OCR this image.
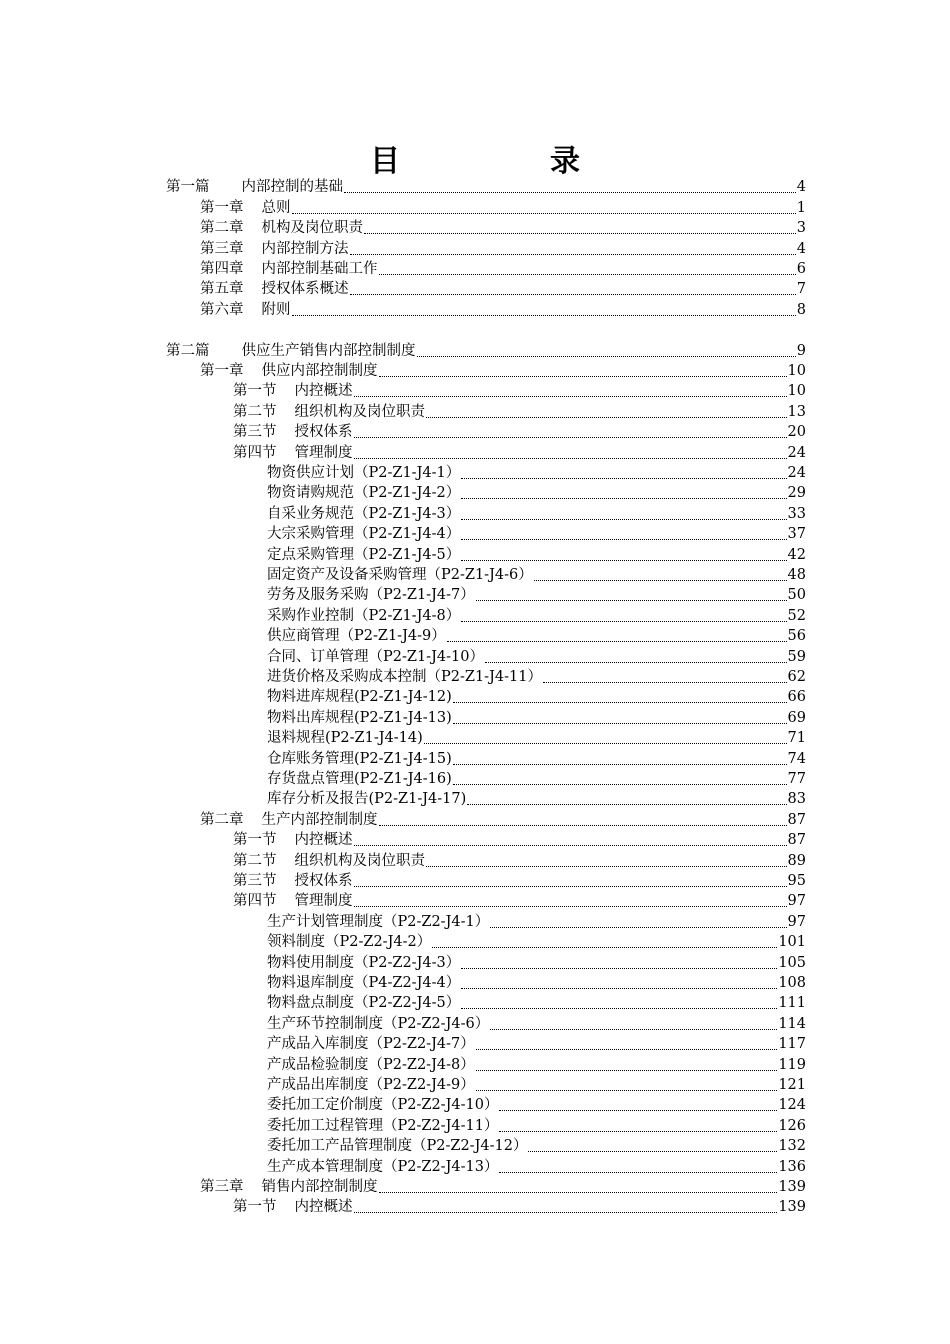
目　录
第一篇 内部控制的基础	4
第一章 总则	1
第二章 机构及岗位职责	3
第三章 内部控制方法	4
第四章 内部控制基础工作	6
第五章 授权体系概述	7
第六章 附则	8
第二篇 供应生产销售内部控制制度	9
第一章 供应内部控制制度	10
第一节 内控概述	10
第二节 组织机构及岗位职责	13
第三节 授权体系	20
第四节 管理制度	24
物资供应计划（P2-Z1-J4-1）	24
物资请购规范（P2-Z1-J4-2）	29
自采业务规范（P2-Z1-J4-3）	33
大宗采购管理（P2-Z1-J4-4）	37
定点采购管理（P2-Z1-J4-5）	42
固定资产及设备采购管理（P2-Z1-J4-6）	48
劳务及服务采购（P2-Z1-J4-7）	50
采购作业控制（P2-Z1-J4-8）	52
供应商管理（P2-Z1-J4-9）	56
合同、订单管理（P2-Z1-J4-10）	59
进货价格及采购成本控制（P2-Z1-J4-11）	62
物料进库规程(P2-Z1-J4-12)	66
物料出库规程(P2-Z1-J4-13)	69
退料规程(P2-Z1-J4-14)	71
仓库账务管理(P2-Z1-J4-15)	74
存货盘点管理(P2-Z1-J4-16)	77
库存分析及报告(P2-Z1-J4-17)	83
第二章 生产内部控制制度	87
第一节 内控概述	87
第二节 组织机构及岗位职责	89
第三节 授权体系	95
第四节 管理制度	97
生产计划管理制度（P2-Z2-J4-1）	97
领料制度（P2-Z2-J4-2）	101
物料使用制度（P2-Z2-J4-3）	105
物料退库制度（P4-Z2-J4-4）	108
物料盘点制度（P2-Z2-J4-5）	111
生产环节控制制度（P2-Z2-J4-6）	114
产成品入库制度（P2-Z2-J4-7）	117
产成品检验制度（P2-Z2-J4-8）	119
产成品出库制度（P2-Z2-J4-9）	121
委托加工定价制度（P2-Z2-J4-10）	124
委托加工过程管理（P2-Z2-J4-11）	126
委托加工产品管理制度（P2-Z2-J4-12）	132
生产成本管理制度（P2-Z2-J4-13）	136
第三章 销售内部控制制度	139
第一节 内控概述	139
